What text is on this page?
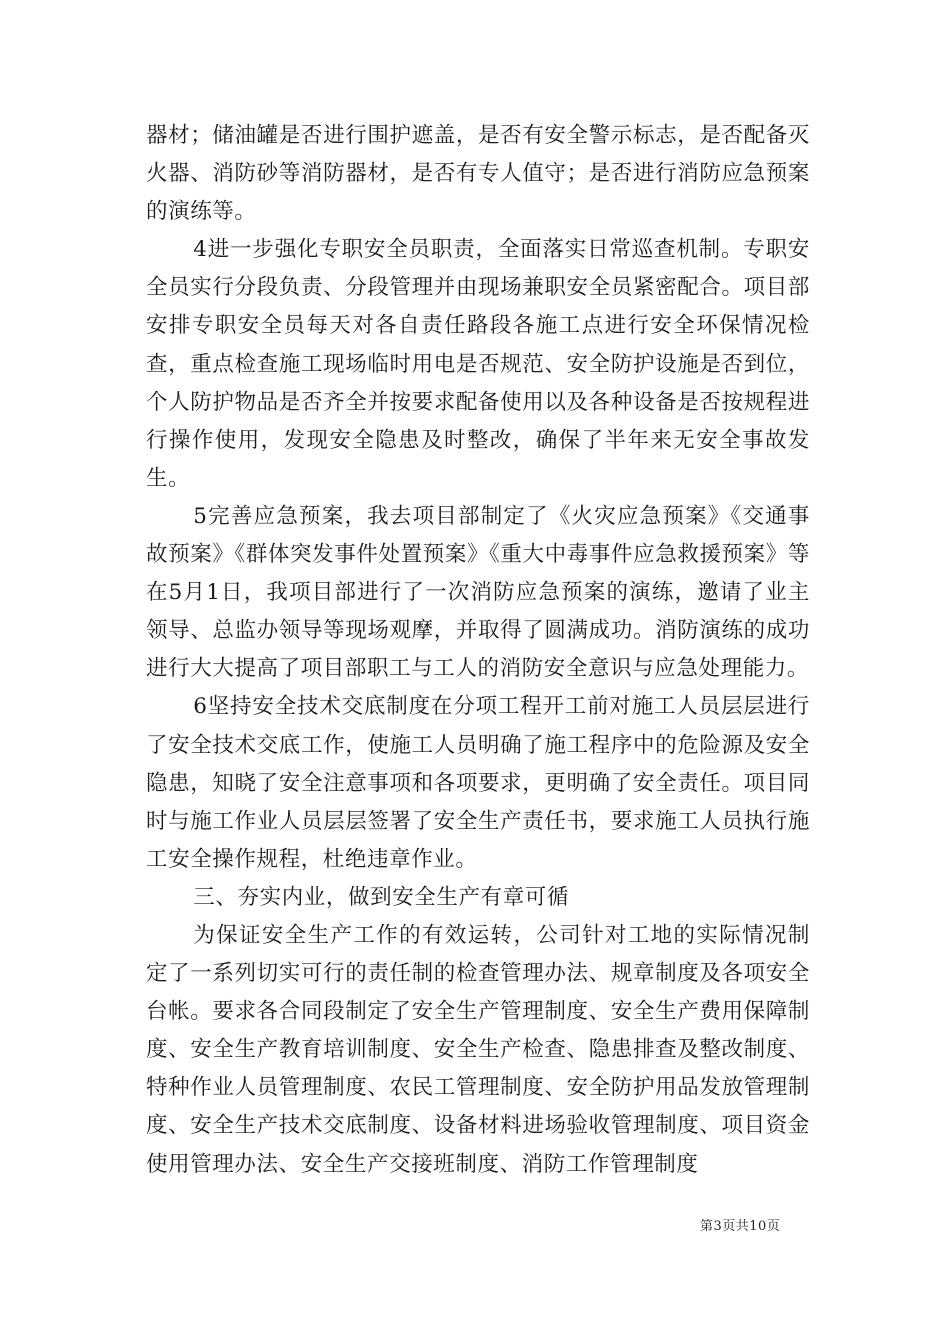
器材；储油罐是否进行围护遮盖，是否有安全警示标志，是否配备灭火器、消防砂等消防器材，是否有专人值守；是否进行消防应急预案的演练等。

4进一步强化专职安全员职责，全面落实日常巡查机制。专职安全员实行分段负责、分段管理并由现场兼职安全员紧密配合。项目部安排专职安全员每天对各自责任路段各施工点进行安全环保情况检查，重点检查施工现场临时用电是否规范、安全防护设施是否到位，个人防护物品是否齐全并按要求配备使用以及各种设备是否按规程进行操作使用，发现安全隐患及时整改，确保了半年来无安全事故发生。

5完善应急预案，我去项目部制定了《火灾应急预案》《交通事故预案》《群体突发事件处置预案》《重大中毒事件应急救援预案》等在5月1日，我项目部进行了一次消防应急预案的演练，邀请了业主领导、总监办领导等现场观摩，并取得了圆满成功。消防演练的成功进行大大提高了项目部职工与工人的消防安全意识与应急处理能力。

6坚持安全技术交底制度在分项工程开工前对施工人员层层进行了安全技术交底工作，使施工人员明确了施工程序中的危险源及安全隐患，知晓了安全注意事项和各项要求，更明确了安全责任。项目同时与施工作业人员层层签署了安全生产责任书，要求施工人员执行施工安全操作规程，杜绝违章作业。

三、夯实内业，做到安全生产有章可循

为保证安全生产工作的有效运转，公司针对工地的实际情况制定了一系列切实可行的责任制的检查管理办法、规章制度及各项安全台帐。要求各合同段制定了安全生产管理制度、安全生产费用保障制度、安全生产教育培训制度、安全生产检查、隐患排查及整改制度、特种作业人员管理制度、农民工管理制度、安全防护用品发放管理制度、安全生产技术交底制度、设备材料进场验收管理制度、项目资金使用管理办法、安全生产交接班制度、消防工作管理制度

第3页共10页
